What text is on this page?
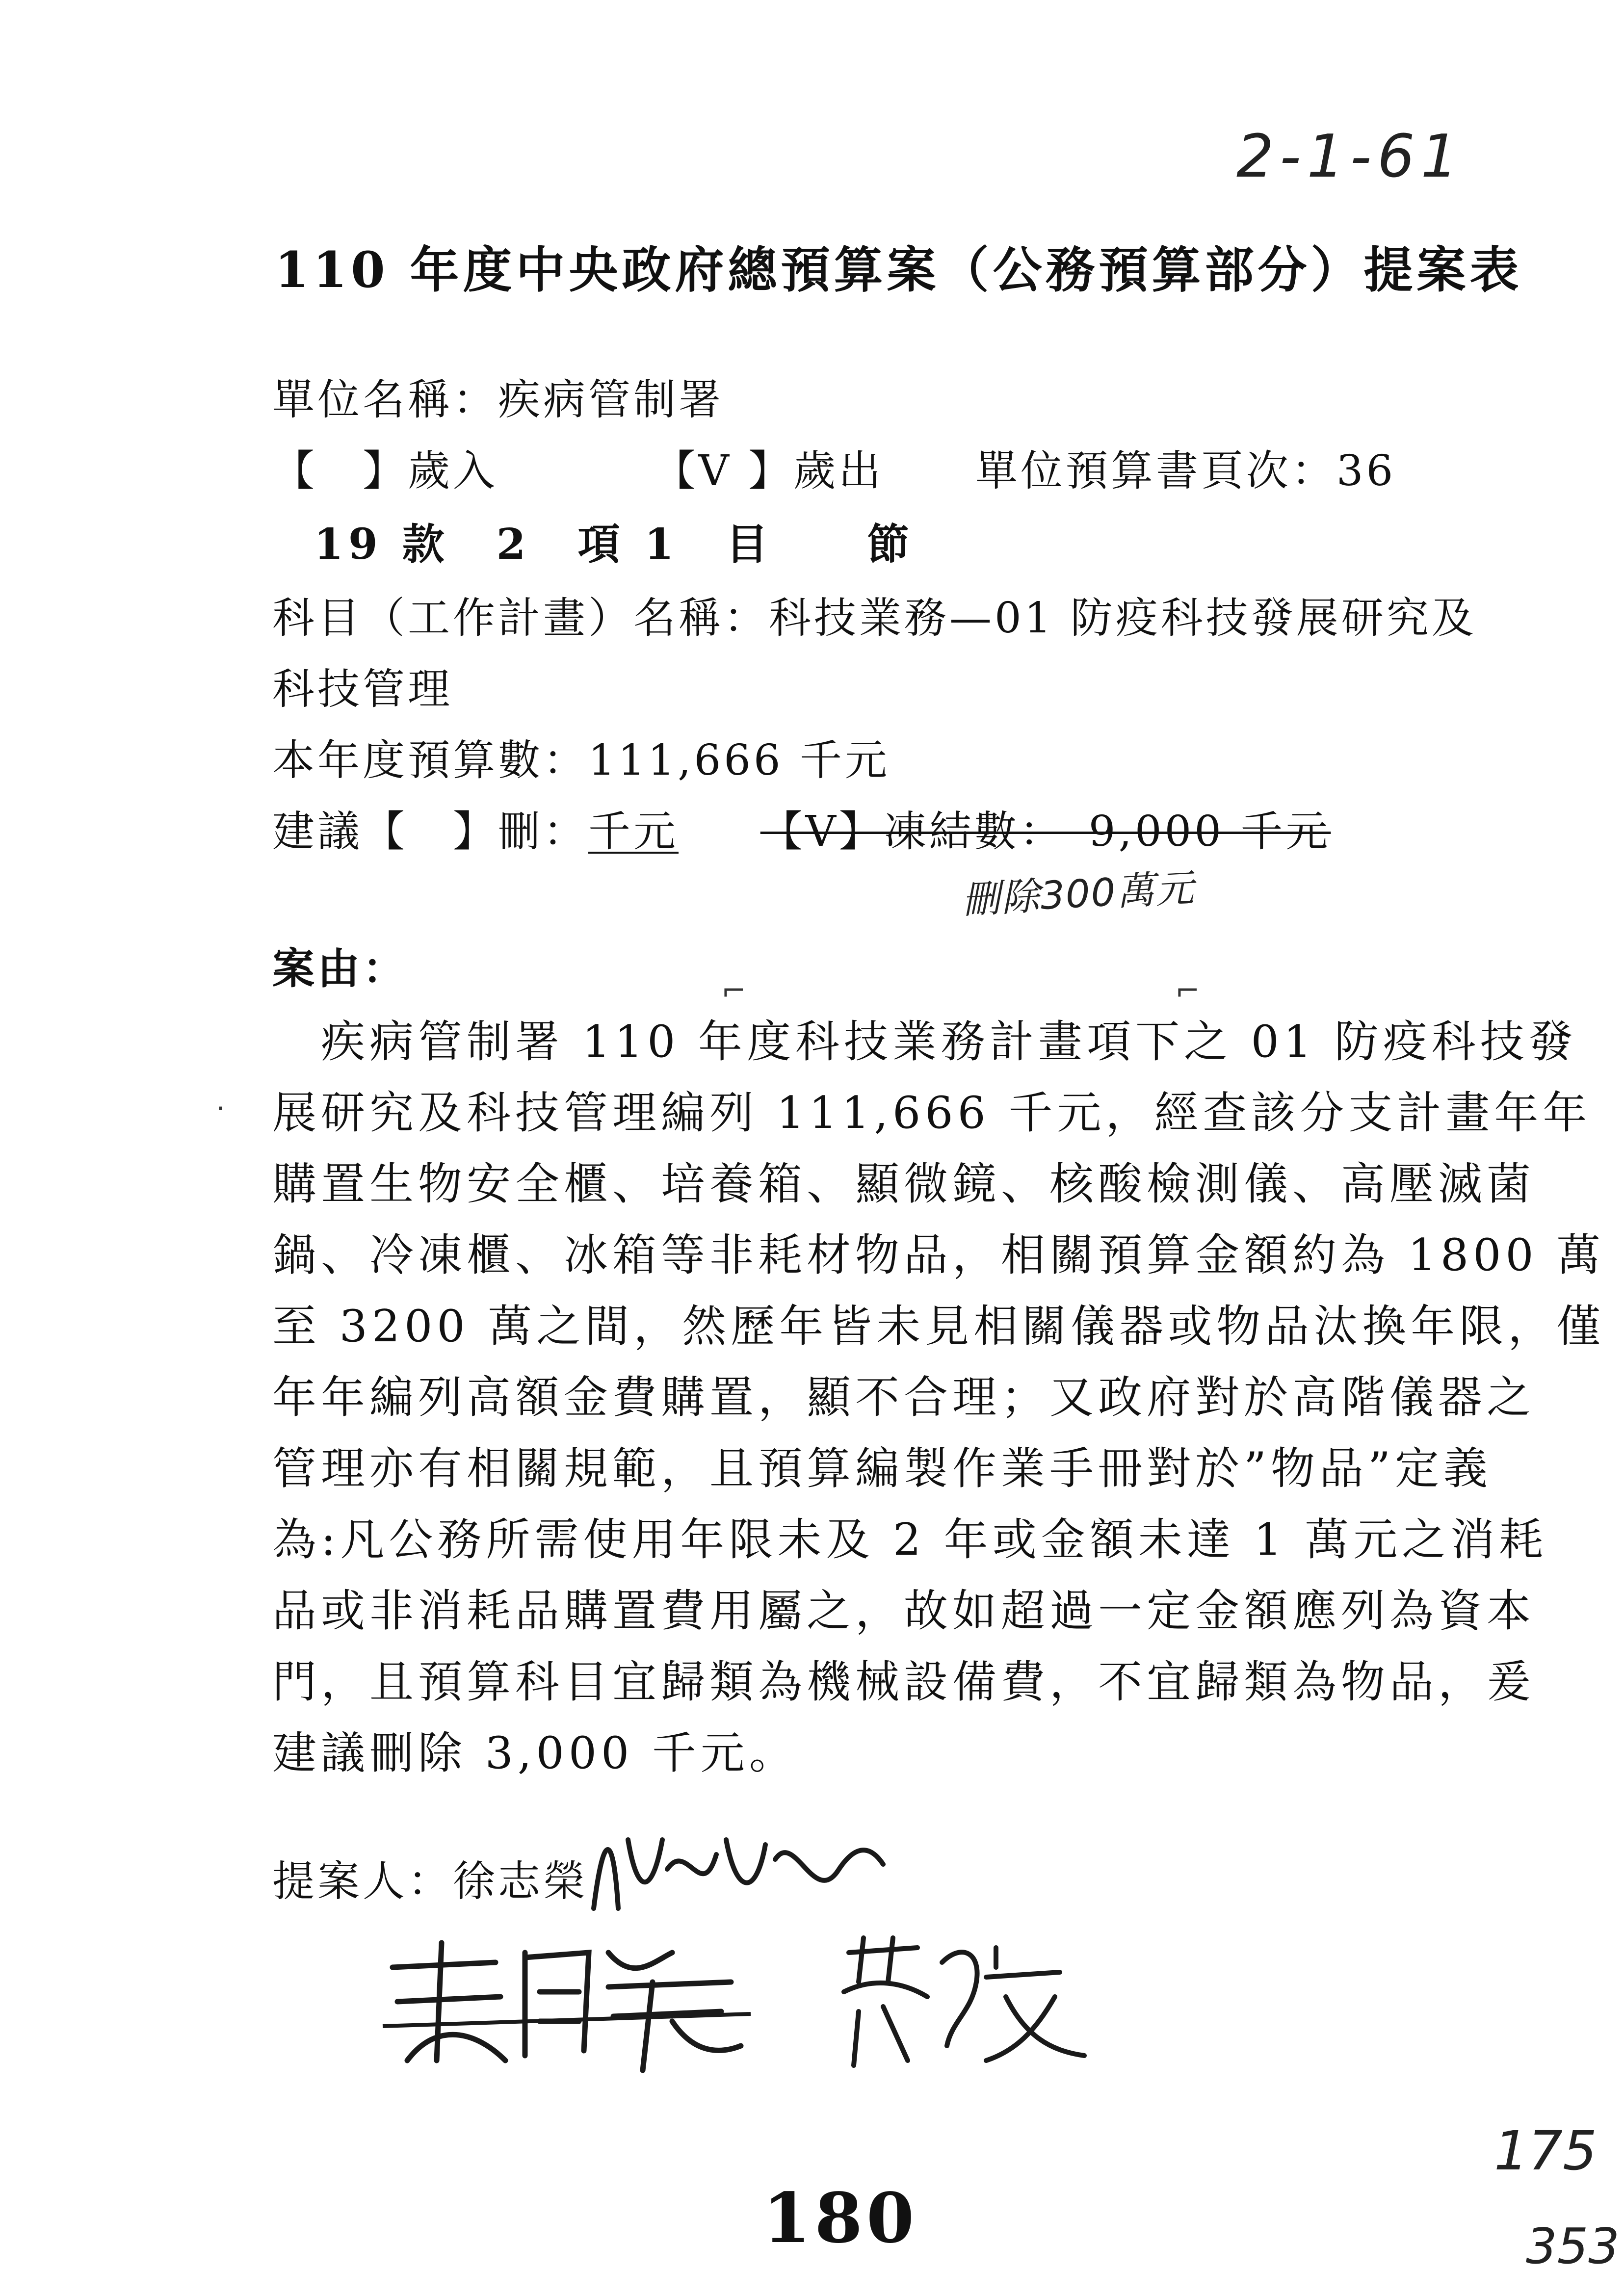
2-1-61
110 年度中央政府總預算案（公務預算部分）提案表
單位名稱：疾病管制署
【　】歲入	【V 】歲出 單位預算書頁次：36
19 款　2　項 1　目　　節
科目（工作計畫）名稱：科技業務—01 防疫科技發展研究及
科技管理
本年度預算數：111,666 千元
建議【　】刪：千元 【V】凍結數：　9,000 千元
刪除300萬元
案由：
·
⌐	⌐
　疾病管制署 110 年度科技業務計畫項下之 01 防疫科技發
展研究及科技管理編列 111,666 千元，經查該分支計畫年年
購置生物安全櫃、培養箱、顯微鏡、核酸檢測儀、高壓滅菌
鍋、冷凍櫃、冰箱等非耗材物品，相關預算金額約為 1800 萬
至 3200 萬之間，然歷年皆未見相關儀器或物品汰換年限，僅
年年編列高額金費購置，顯不合理；又政府對於高階儀器之
管理亦有相關規範，且預算編製作業手冊對於”物品”定義
為:凡公務所需使用年限未及 2 年或金額未達 1 萬元之消耗
品或非消耗品購置費用屬之，故如超過一定金額應列為資本
門，且預算科目宜歸類為機械設備費，不宜歸類為物品，爰
建議刪除 3,000 千元。
提案人：徐志榮
175
353
180
